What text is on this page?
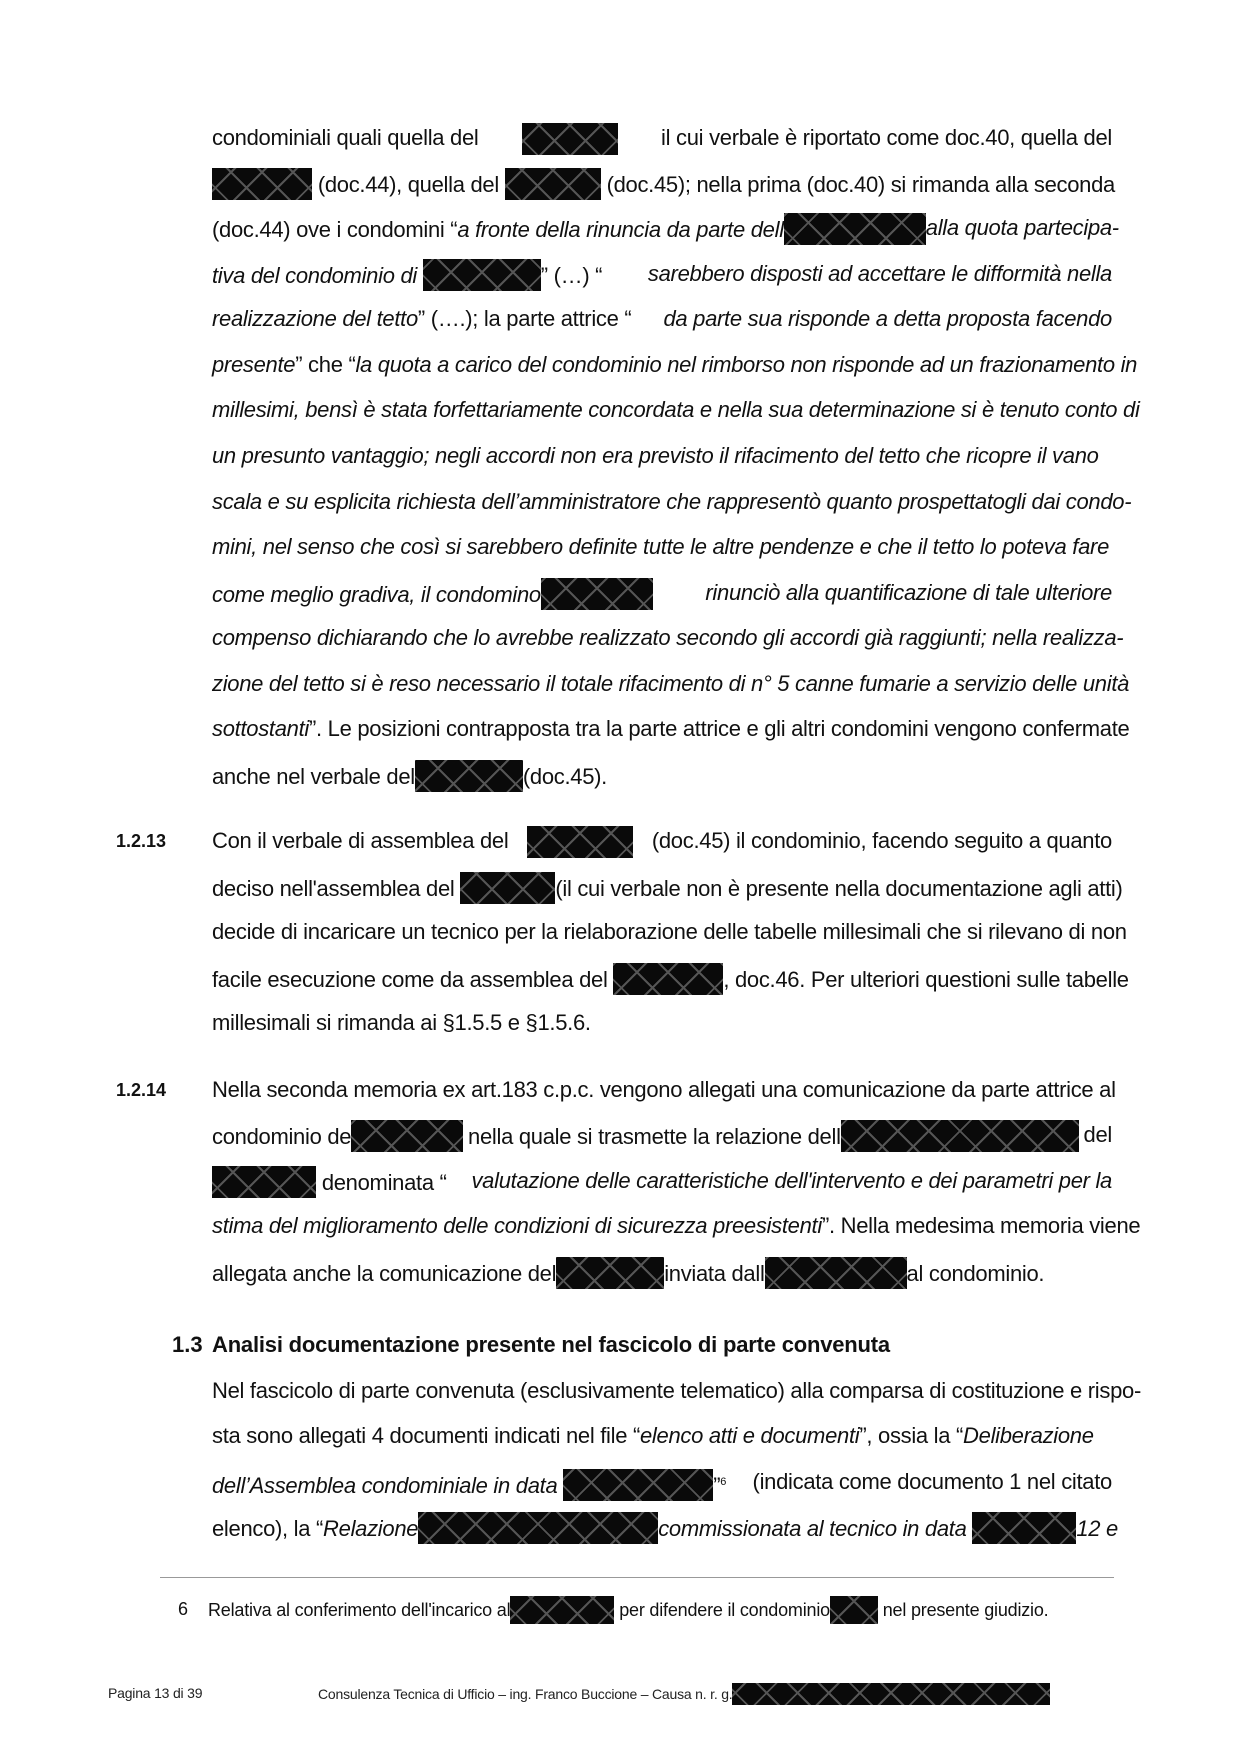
condominiali quali quella del	il cui verbale è riportato come doc.40, quella del
(doc.44), quella del	(doc.45); nella prima (doc.40) si rimanda alla seconda
(doc.44) ove i condomini “a fronte della rinuncia da parte dell	alla quota partecipa-
tiva del condominio di	” (…) “ sarebbero disposti ad accettare le difformità nella
realizzazione del tetto” (….); la parte attrice “ da parte sua risponde a detta proposta facendo
presente” che “ la quota a carico del condominio nel rimborso non risponde ad un frazionamento in
millesimi, bensì è stata forfettariamente concordata e nella sua determinazione si è tenuto conto di
un presunto vantaggio; negli accordi non era previsto il rifacimento del tetto che ricopre il vano
scala e su esplicita richiesta dell’amministratore che rappresentò quanto prospettatogli dai condo-
mini, nel senso che così si sarebbero definite tutte le altre pendenze e che il tetto lo poteva fare
come meglio gradiva, il condomino	rinunciò alla quantificazione di tale ulteriore
compenso dichiarando che lo avrebbe realizzato secondo gli accordi già raggiunti; nella realizza-
zione del tetto si è reso necessario il totale rifacimento di n° 5 canne fumarie a servizio delle unità
sottostanti”. Le posizioni contrapposta tra la parte attrice e gli altri condomini vengono confermate
anche nel verbale del	(doc.45).
1.2.13 Con il verbale di assemblea del	(doc.45) il condominio, facendo seguito a quanto
deciso nell'assemblea del	(il cui verbale non è presente nella documentazione agli atti)
decide di incaricare un tecnico per la rielaborazione delle tabelle millesimali che si rilevano di non
facile esecuzione come da assemblea del	, doc.46. Per ulteriori questioni sulle tabelle
millesimali si rimanda ai §1.5.5 e §1.5.6.
1.2.14 Nella seconda memoria ex art.183 c.p.c. vengono allegati una comunicazione da parte attrice al
condominio de	nella quale si trasmette la relazione dell	del
denominata “ valutazione delle caratteristiche dell'intervento e dei parametri per la
stima del miglioramento delle condizioni di sicurezza preesistenti”. Nella medesima memoria viene
allegata anche la comunicazione del	inviata dall	al condominio.
1.3 Analisi documentazione presente nel fascicolo di parte convenuta
Nel fascicolo di parte convenuta (esclusivamente telematico) alla comparsa di costituzione e rispo-
sta sono allegati 4 documenti indicati nel file “elenco atti e documenti”, ossia la “Deliberazione
dell’Assemblea condominiale in data	”$^6$ (indicata come documento 1 nel citato
elenco), la “Relazione	commissionata al tecnico in data	12 e
6 Relativa al conferimento dell'incarico al	per difendere il condominio	nel presente giudizio.
Pagina 13 di 39	Consulenza Tecnica di Ufficio – ing. Franco Buccione – Causa n. r. g.
